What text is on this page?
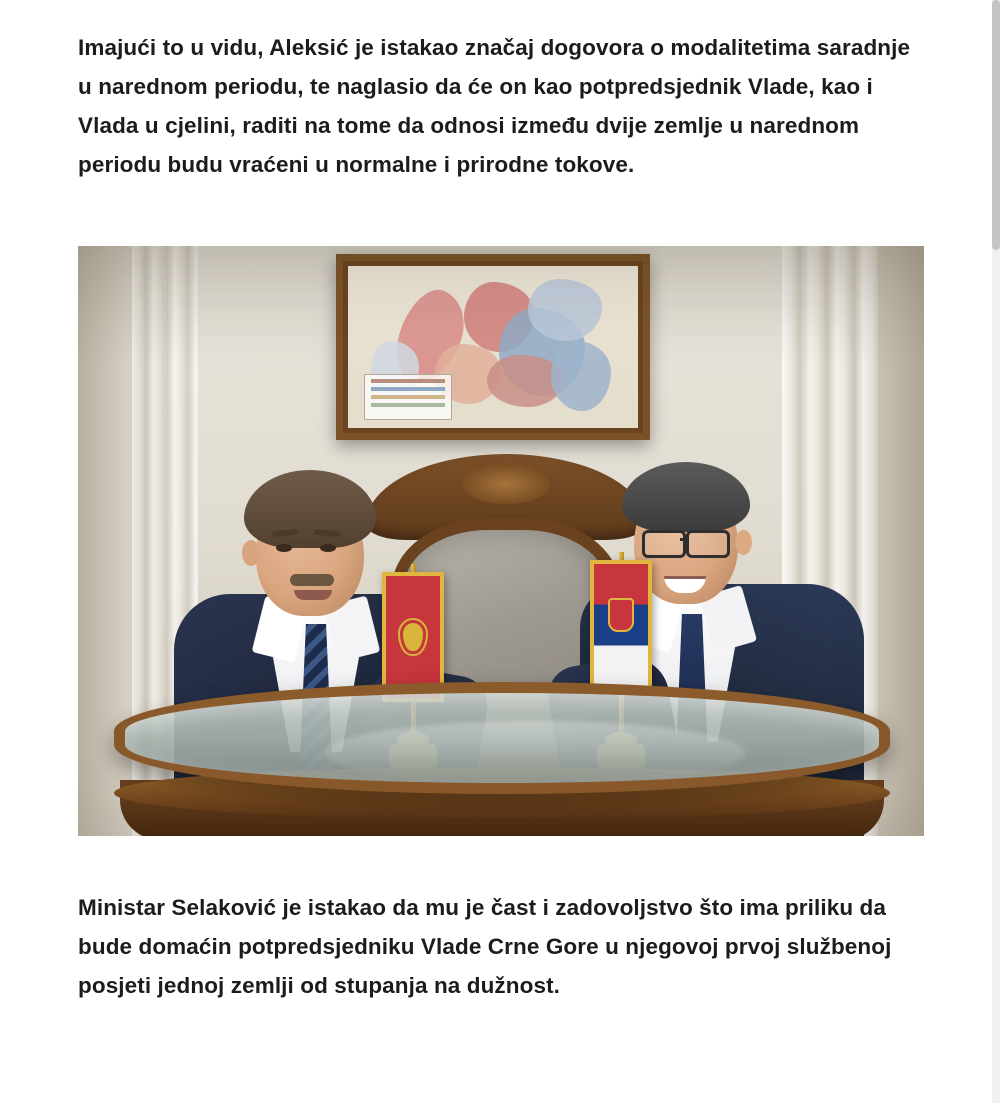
Imajući to u vidu, Aleksić je istakao značaj dogovora o modalitetima saradnje u narednom periodu, te naglasio da će on kao potpredsjednik Vlade, kao i Vlada u cjelini, raditi na tome da odnosi između dvije zemlje u narednom periodu budu vraćeni u normalne i prirodne tokove.

Ministar Selaković je istakao da mu je čast i zadovoljstvo što ima priliku da bude domaćin potpredsjedniku Vlade Crne Gore u njegovoj prvoj službenoj posjeti jednoj zemlji od stupanja na dužnost.
